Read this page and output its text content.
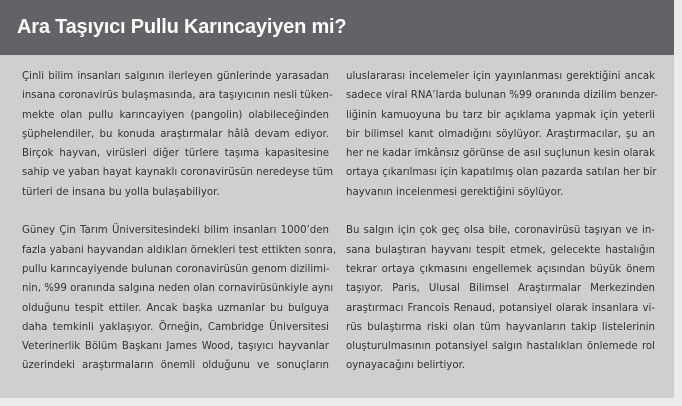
Ara Taşıyıcı Pullu Karıncayiyen mi?

Çinli bilim insanları salgının ilerleyen günlerinde yarasadan
insana coronavirüs bulaşmasında, ara taşıyıcının nesli tüken-
mekte olan pullu karıncayiyen (pangolin) olabileceğinden
şüphelendiler, bu konuda araştırmalar hâlâ devam ediyor.
Birçok hayvan, virüsleri diğer türlere taşıma kapasitesine
sahip ve yaban hayat kaynaklı coronavirüsün neredeyse tüm
türleri de insana bu yolla bulaşabiliyor.

Güney Çin Tarım Üniversitesindeki bilim insanları 1000’den
fazla yabani hayvandan aldıkları örnekleri test ettikten sonra,
pullu karıncayiyende bulunan coronavirüsün genom dizilimi-
nin, %99 oranında salgına neden olan cornavirüsünkiyle aynı
olduğunu tespit ettiler. Ancak başka uzmanlar bu bulguya
daha temkinli yaklaşıyor. Örneğin, Cambridge Üniversitesi
Veterinerlik Bölüm Başkanı James Wood, taşıyıcı hayvanlar
üzerindeki araştırmaların önemli olduğunu ve sonuçların

uluslararası incelemeler için yayınlanması gerektiğini ancak
sadece viral RNA’larda bulunan %99 oranında dizilim benzer-
liğinin kamuoyuna bu tarz bir açıklama yapmak için yeterli
bir bilimsel kanıt olmadığını söylüyor. Araştırmacılar, şu an
her ne kadar imkânsız görünse de asıl suçlunun kesin olarak
ortaya çıkarılması için kapatılmış olan pazarda satılan her bir
hayvanın incelenmesi gerektiğini söylüyor.

Bu salgın için çok geç olsa bile, coronavirüsü taşıyan ve in-
sana bulaştıran hayvanı tespit etmek, gelecekte hastalığın
tekrar ortaya çıkmasını engellemek açısından büyük önem
taşıyor. Paris, Ulusal Bilimsel Araştırmalar Merkezinden
araştırmacı Francois Renaud, potansiyel olarak insanlara vi-
rüs bulaştırma riski olan tüm hayvanların takip listelerinin
oluşturulmasının potansiyel salgın hastalıkları önlemede rol
oynayacağını belirtiyor.
